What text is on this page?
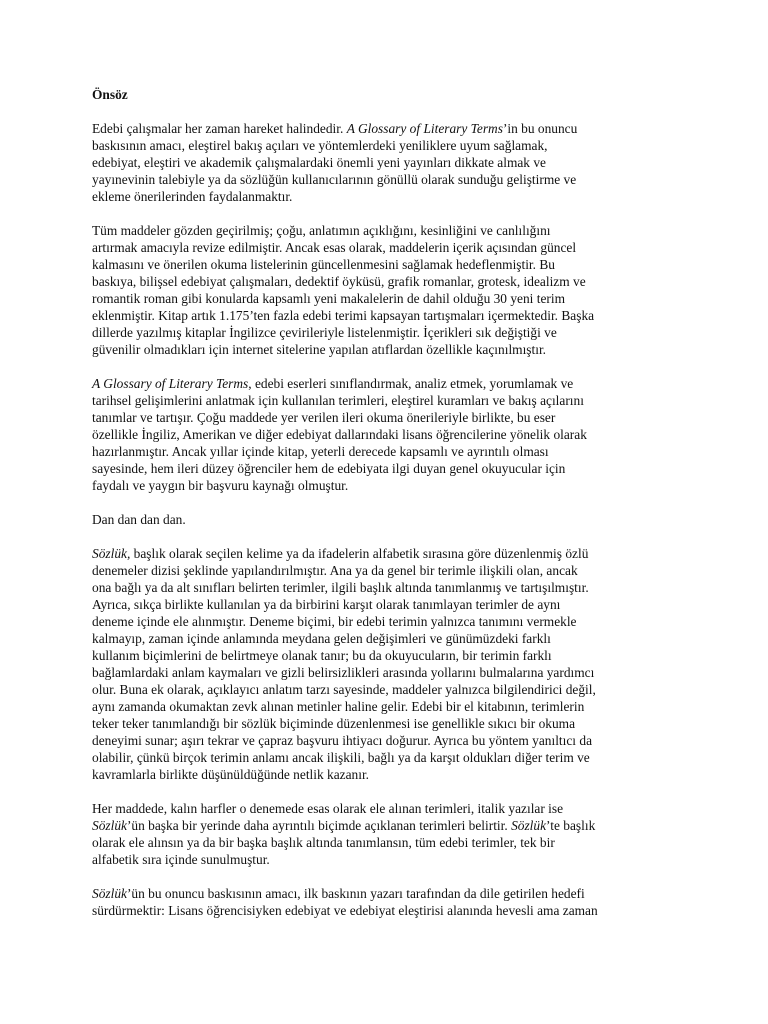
Önsöz
Edebi çalışmalar her zaman hareket halindedir. A Glossary of Literary Terms’in bu onuncu
baskısının amacı, eleştirel bakış açıları ve yöntemlerdeki yeniliklere uyum sağlamak,
edebiyat, eleştiri ve akademik çalışmalardaki önemli yeni yayınları dikkate almak ve
yayınevinin talebiyle ya da sözlüğün kullanıcılarının gönüllü olarak sunduğu geliştirme ve
ekleme önerilerinden faydalanmaktır.
Tüm maddeler gözden geçirilmiş; çoğu, anlatımın açıklığını, kesinliğini ve canlılığını
artırmak amacıyla revize edilmiştir. Ancak esas olarak, maddelerin içerik açısından güncel
kalmasını ve önerilen okuma listelerinin güncellenmesini sağlamak hedeflenmiştir. Bu
baskıya, bilişsel edebiyat çalışmaları, dedektif öyküsü, grafik romanlar, grotesk, idealizm ve
romantik roman gibi konularda kapsamlı yeni makalelerin de dahil olduğu 30 yeni terim
eklenmiştir. Kitap artık 1.175’ten fazla edebi terimi kapsayan tartışmaları içermektedir. Başka
dillerde yazılmış kitaplar İngilizce çevirileriyle listelenmiştir. İçerikleri sık değiştiği ve
güvenilir olmadıkları için internet sitelerine yapılan atıflardan özellikle kaçınılmıştır.
A Glossary of Literary Terms, edebi eserleri sınıflandırmak, analiz etmek, yorumlamak ve
tarihsel gelişimlerini anlatmak için kullanılan terimleri, eleştirel kuramları ve bakış açılarını
tanımlar ve tartışır. Çoğu maddede yer verilen ileri okuma önerileriyle birlikte, bu eser
özellikle İngiliz, Amerikan ve diğer edebiyat dallarındaki lisans öğrencilerine yönelik olarak
hazırlanmıştır. Ancak yıllar içinde kitap, yeterli derecede kapsamlı ve ayrıntılı olması
sayesinde, hem ileri düzey öğrenciler hem de edebiyata ilgi duyan genel okuyucular için
faydalı ve yaygın bir başvuru kaynağı olmuştur.
Dan dan dan dan.
Sözlük, başlık olarak seçilen kelime ya da ifadelerin alfabetik sırasına göre düzenlenmiş özlü
denemeler dizisi şeklinde yapılandırılmıştır. Ana ya da genel bir terimle ilişkili olan, ancak
ona bağlı ya da alt sınıfları belirten terimler, ilgili başlık altında tanımlanmış ve tartışılmıştır.
Ayrıca, sıkça birlikte kullanılan ya da birbirini karşıt olarak tanımlayan terimler de aynı
deneme içinde ele alınmıştır. Deneme biçimi, bir edebi terimin yalnızca tanımını vermekle
kalmayıp, zaman içinde anlamında meydana gelen değişimleri ve günümüzdeki farklı
kullanım biçimlerini de belirtmeye olanak tanır; bu da okuyucuların, bir terimin farklı
bağlamlardaki anlam kaymaları ve gizli belirsizlikleri arasında yollarını bulmalarına yardımcı
olur. Buna ek olarak, açıklayıcı anlatım tarzı sayesinde, maddeler yalnızca bilgilendirici değil,
aynı zamanda okumaktan zevk alınan metinler haline gelir. Edebi bir el kitabının, terimlerin
teker teker tanımlandığı bir sözlük biçiminde düzenlenmesi ise genellikle sıkıcı bir okuma
deneyimi sunar; aşırı tekrar ve çapraz başvuru ihtiyacı doğurur. Ayrıca bu yöntem yanıltıcı da
olabilir, çünkü birçok terimin anlamı ancak ilişkili, bağlı ya da karşıt oldukları diğer terim ve
kavramlarla birlikte düşünüldüğünde netlik kazanır.
Her maddede, kalın harfler o denemede esas olarak ele alınan terimleri, italik yazılar ise
Sözlük’ün başka bir yerinde daha ayrıntılı biçimde açıklanan terimleri belirtir. Sözlük’te başlık
olarak ele alınsın ya da bir başka başlık altında tanımlansın, tüm edebi terimler, tek bir
alfabetik sıra içinde sunulmuştur.
Sözlük’ün bu onuncu baskısının amacı, ilk baskının yazarı tarafından da dile getirilen hedefi
sürdürmektir: Lisans öğrencisiyken edebiyat ve edebiyat eleştirisi alanında hevesli ama zaman
